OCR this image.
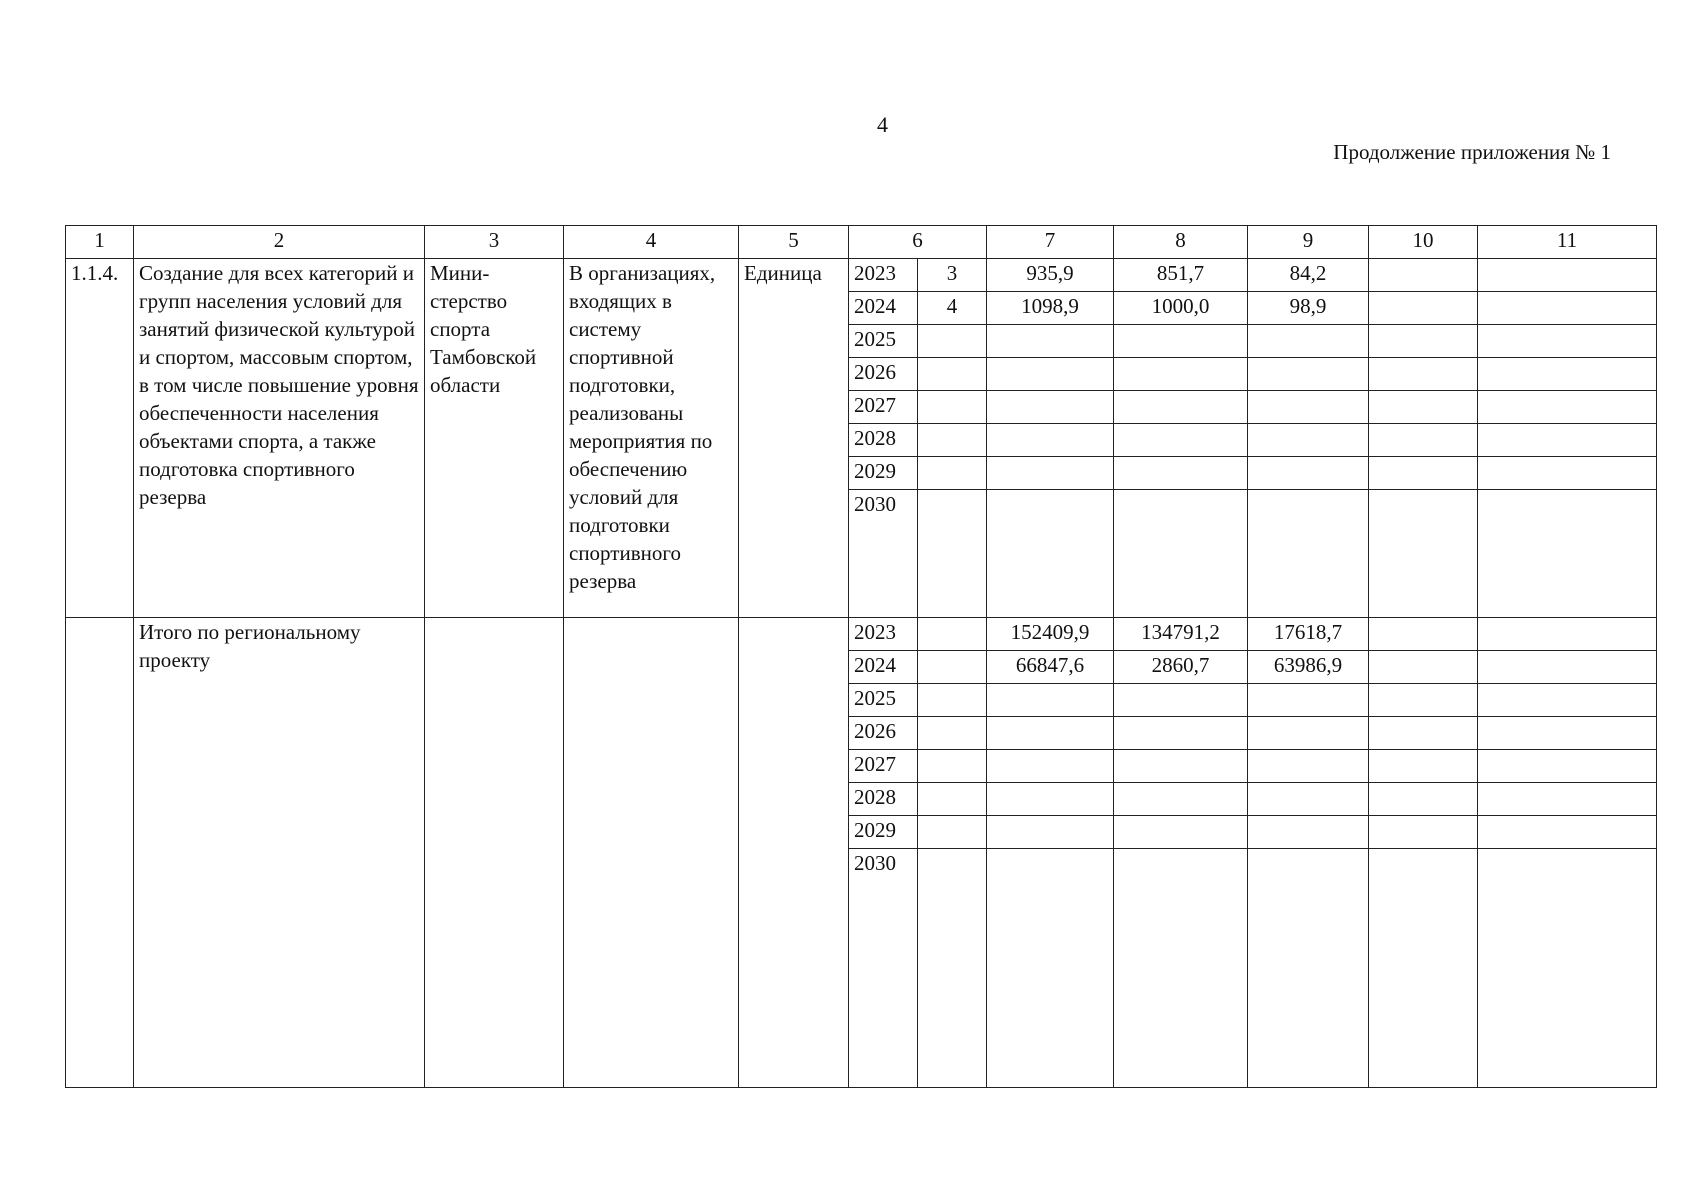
4
Продолжение приложения № 1
1	2	3	4	5	6		7	8	9	10	11
1.1.4.	Создание для всех категорий и групп населения условий для занятий физической культурой и спортом, массовым спортом, в том числе повышение уровня обеспеченности населения объектами спорта, а также подготовка спортивного резерва	Мини-стерство спорта Тамбовской области	В организациях, входящих в систему спортивной подготовки, реализованы мероприятия по обеспечению условий для подготовки спортивного резерва	Единица	2023	3	935,9	851,7	84,2		
					2024	4	1098,9	1000,0	98,9		
					2025						
					2026						
					2027						
					2028						
					2029						
					2030						
	Итого по региональному проекту				2023		152409,9	134791,2	17618,7		
					2024		66847,6	2860,7	63986,9		
					2025						
					2026						
					2027						
					2028						
					2029						
					2030						
